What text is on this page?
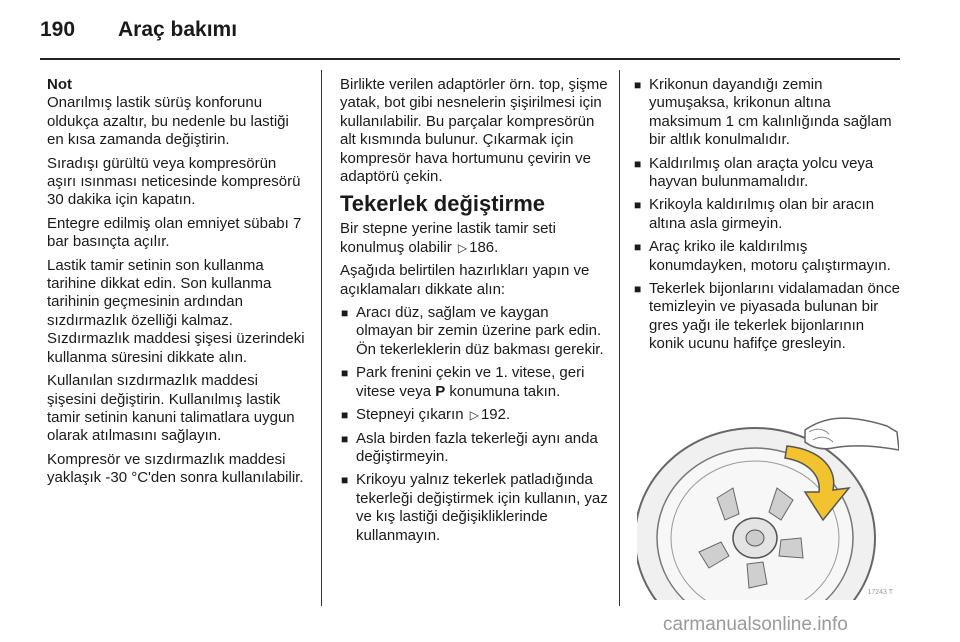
190	Araç bakımı

Not

Onarılmış lastik sürüş konforunu oldukça azaltır, bu nedenle bu lastiği en kısa zamanda değiştirin.

Sıradışı gürültü veya kompresörün aşırı ısınması neticesinde kompresörü 30 dakika için kapatın.

Entegre edilmiş olan emniyet sübabı 7 bar basınçta açılır.

Lastik tamir setinin son kullanma tarihine dikkat edin. Son kullanma tarihinin geçmesinin ardından sızdırmazlık özelliği kalmaz. Sızdırmazlık maddesi şişesi üzerindeki kullanma süresini dikkate alın.

Kullanılan sızdırmazlık maddesi şişesini değiştirin. Kullanılmış lastik tamir setinin kanuni talimatlara uygun olarak atılmasını sağlayın.

Kompresör ve sızdırmazlık maddesi yaklaşık -30 °C'den sonra kullanılabilir.

Birlikte verilen adaptörler örn. top, şişme yatak, bot gibi nesnelerin şişirilmesi için kullanılabilir. Bu parçalar kompresörün alt kısmında bulunur. Çıkarmak için kompresör hava hortumunu çevirin ve adaptörü çekin.

Tekerlek değiştirme

Bir stepne yerine lastik tamir seti konulmuş olabilir ▷ 186.

Aşağıda belirtilen hazırlıkları yapın ve açıklamaları dikkate alın:

■ Aracı düz, sağlam ve kaygan olmayan bir zemin üzerine park edin. Ön tekerleklerin düz bakması gerekir.
■ Park frenini çekin ve 1. vitese, geri vitese veya P konumuna takın.
■ Stepneyi çıkarın ▷ 192.
■ Asla birden fazla tekerleği aynı anda değiştirmeyin.
■ Krikoyu yalnız tekerlek patladığında tekerleği değiştirmek için kullanın, yaz ve kış lastiği değişikliklerinde kullanmayın.
■ Krikonun dayandığı zemin yumuşaksa, krikonun altına maksimum 1 cm kalınlığında sağlam bir altlık konulmalıdır.
■ Kaldırılmış olan araçta yolcu veya hayvan bulunmamalıdır.
■ Krikoyla kaldırılmış olan bir aracın altına asla girmeyin.
■ Araç kriko ile kaldırılmış konumdayken, motoru çalıştırmayın.
■ Tekerlek bijonlarını vidalamadan önce temizleyin ve piyasada bulunan bir gres yağı ile tekerlek bijonlarının konik ucunu hafifçe gresleyin.
17243 T
carmanualsonline.info
